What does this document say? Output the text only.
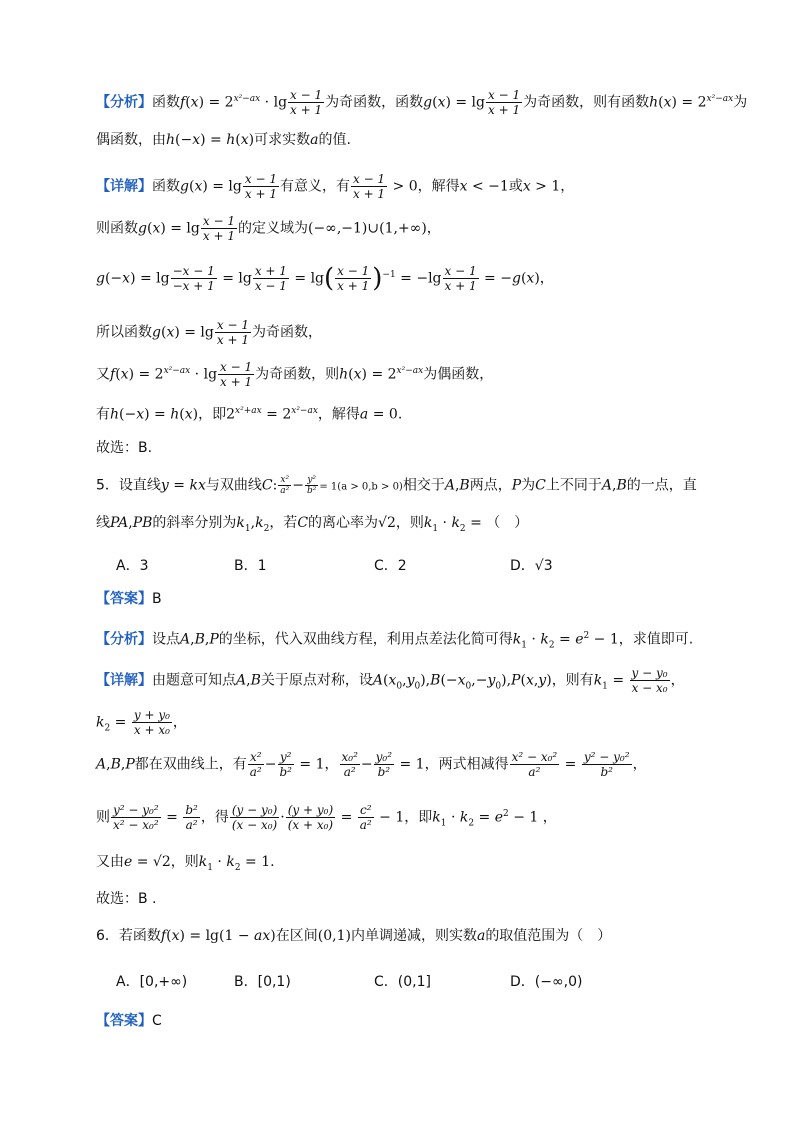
【分析】函数$f(x) = 2^{x^2-ax} \cdot \lg \frac{x - 1}{x + 1}$ 为奇函数，函数$g(x) = \lg \frac{x - 1}{x + 1}$ 为奇函数，则有函数$h(x) = 2^{x^2-ax}$为
偶函数，由h(−x) = h(x)可求实数a的值.
【详解】函数$g(x) = \lg \frac{x - 1}{x + 1}$ 有意义，有 $\frac{x - 1}{x + 1} > 0$，解得x < −1或x > 1，
则函数$g(x) = \lg \frac{x - 1}{x + 1}$ 的定义域为(−∞,−1)∪(1,+∞)，
$g(-x) = \lg \frac{-x - 1}{-x + 1} = \lg \frac{x + 1}{x - 1} = \lg( \frac{x - 1}{x + 1} )^{-1} = -\lg \frac{x - 1}{x + 1} = -g(x)$，
所以函数$g(x) = \lg \frac{x - 1}{x + 1}$ 为奇函数，
又$f(x) = 2^{x^2-ax} \cdot \lg \frac{x - 1}{x + 1}$ 为奇函数，则$h(x) = 2^{x^2-ax}$为偶函数，
有h(−x) = h(x)，即$2^{x^2+ax} = 2^{x^2-ax}$，解得a = 0.
故选：B.
5．设直线y = kx与双曲线C: $\frac{\text{x²}}{\text{a²}} - \frac{\text{y²}}{\text{b²}} = 1(a > 0,b > 0)$相交于A,B两点，P为C上不同于A,B的一点，直
线PA,PB的斜率分别为$k_1,k_2$，若C的离心率为√2，则$k_1 \cdot k_2$ = （　）
A．3	B．1	C．2	D．√3
【答案】B
【分析】设点A,B,P的坐标，代入双曲线方程，利用点差法化简可得$k_1 \cdot k_2 = e^2 - 1$，求值即可.
【详解】由题意可知点A,B关于原点对称，设$A(x_0,y_0),B(-x_0,-y_0),P(x,y)$，则有$k_1 = \frac{\text{y − y₀}}{\text{x − x₀}}$ ，
$k_2 = \frac{\text{y + y₀}}{\text{x + x₀}}$ ，
A,B,P都在双曲线上，有 $\frac{\text{x²}}{\text{a²}} - \frac{\text{y²}}{\text{b²}} = 1$， $\frac{\text{x₀²}}{\text{a²}} - \frac{\text{y₀²}}{\text{b²}} = 1$，两式相减得 $\frac{\text{x² − x₀²}}{\text{a²}} = \frac{\text{y² − y₀²}}{\text{b²}}$ ，
则 $\frac{\text{y² − y₀²}}{\text{x² − x₀²}} = \frac{\text{b²}}{\text{a²}}$ ，得 $\frac{\text{(y − y₀)}}{\text{(x − x₀)}} \cdot \frac{\text{(y + y₀)}}{\text{(x + x₀)}} = \frac{\text{c²}}{\text{a²}} - 1$，即$k_1 \cdot k_2 = e^2 - 1$ ，
又由e = √2，则$k_1 \cdot k_2 = 1$.
故选：B .
6．若函数f(x) = lg(1 − ax)在区间(0,1)内单调递减，则实数a的取值范围为（　）
A．[0,+∞)	B．[0,1)	C．(0,1]	D．(−∞,0)
【答案】C
